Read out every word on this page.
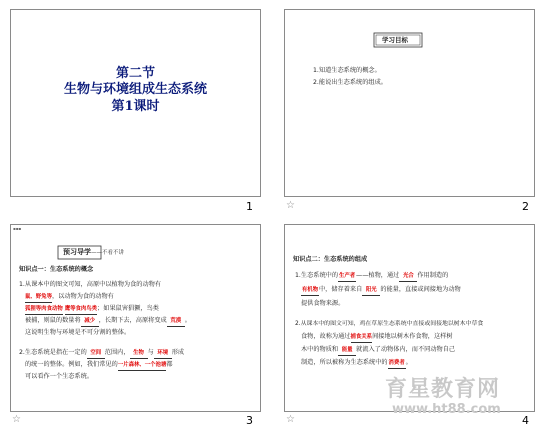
第二节
生物与环境组成生态系统
第1课时
1
学习目标
1.知道生态系统的概念。
2.能说出生态系统的组成。
2
☆
▪▪▪
预习导学——不看不讲
知识点一：生态系统的概念
1.从课本中的图文可知，高原中以植物为食的动物有
鼠、野兔等，以动物为食的动物有
狐狸等肉食动物 鹰等食肉鸟类；如果鼠害猖獗，鸟类
被捕，则鼠的数量将 减少 ，长期下去，高原将变成 荒漠 。
这说明生物与环境是不可分割的整体。
2.生态系统是指在一定的 空间 范围内， 生物 与 环境 形成
的统一的整体。例如，我们常见的一片森林、一个池塘都
可以看作一个生态系统。
3
☆
知识点二：生态系统的组成
1.生态系统中的生产者——植物，通过 光合 作用制造的
有机物中，储存着来自 阳光 的能量，直接或间接地为动物
提供食物来源。
2.从课本中的图文可知，鸡在草原生态系统中直接或间接地以树木中草食
食物，故称为通过捕食关系间接地以树木作食物，这样树
木中的物质和 能量 就流入了动物体内，而不同动物自己
制造，所以被称为生态系统中的消费者。
4
☆
育星教育网
www.ht88.com
